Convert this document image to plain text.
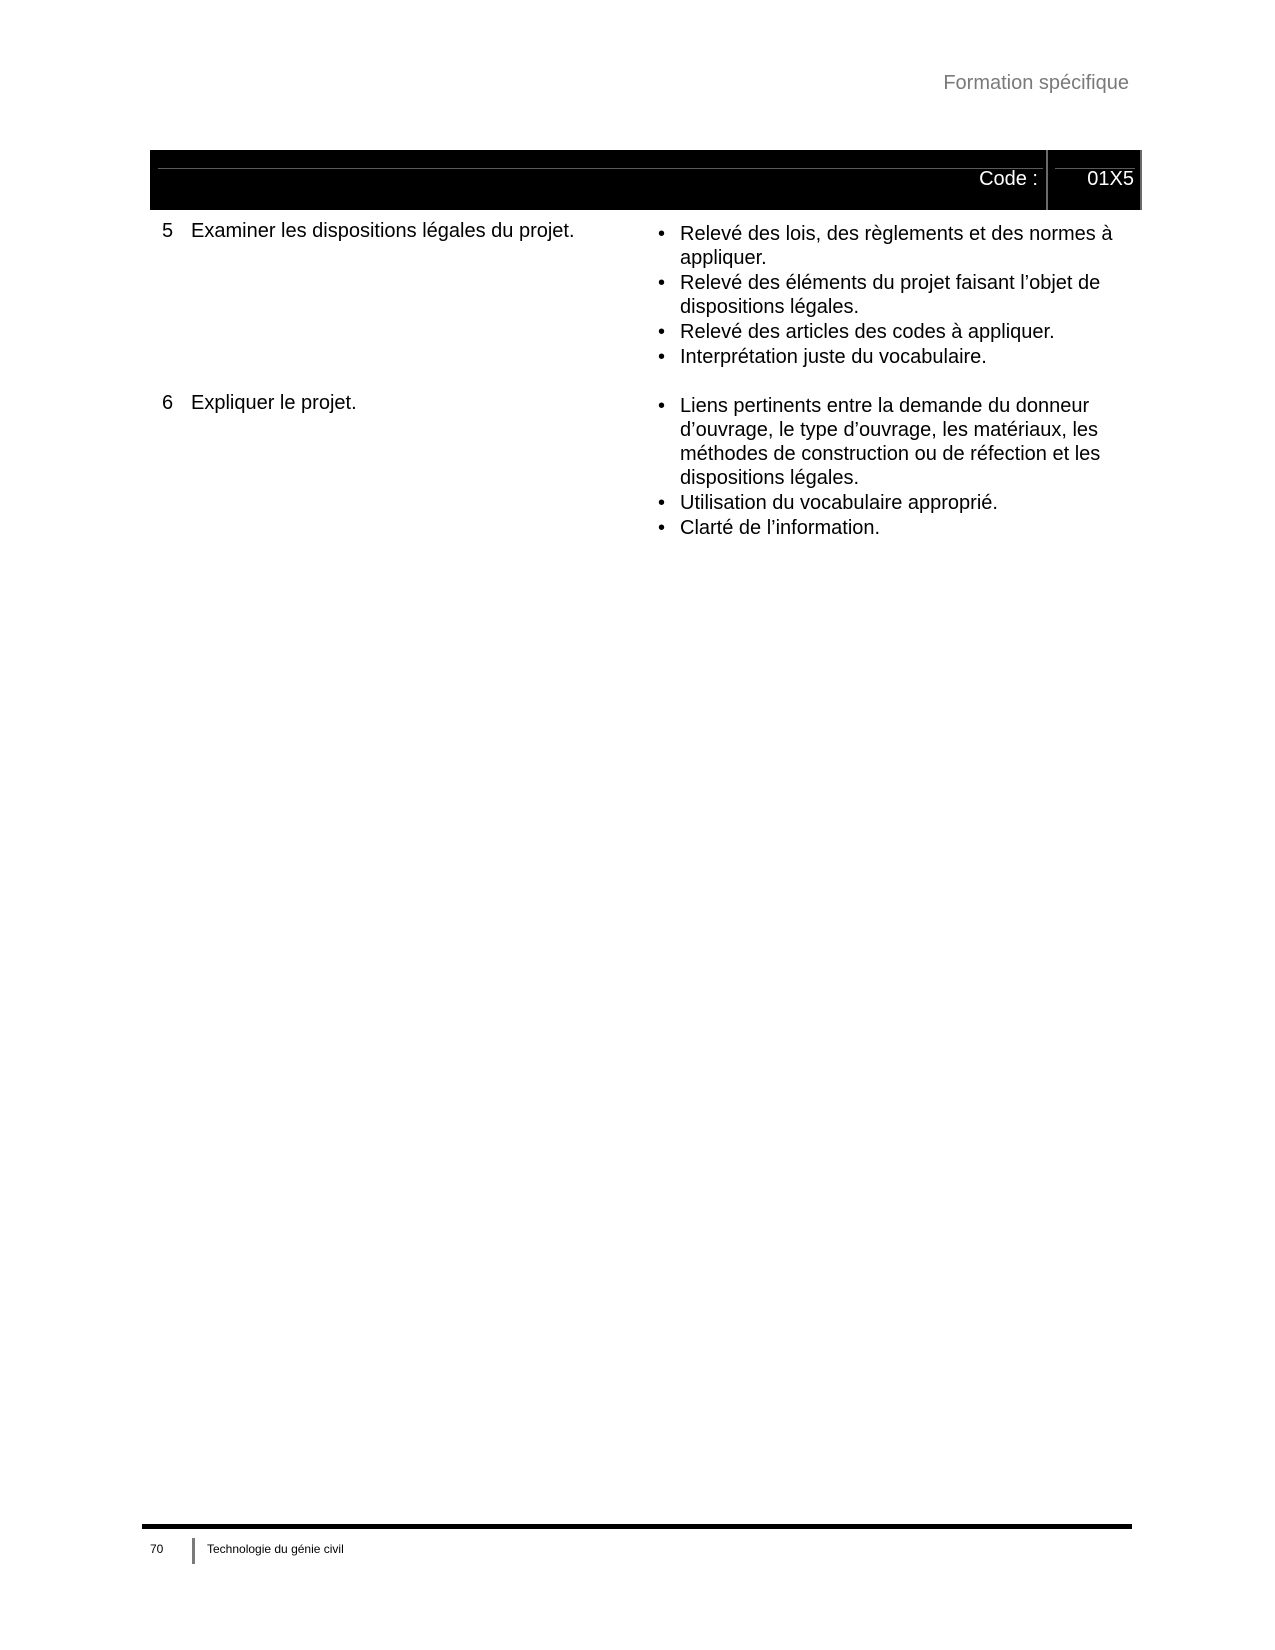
Formation spécifique
Code : 01X5
5 Examiner les dispositions légales du projet.	• Relevé des lois, des règlements et des normes à appliquer.
• Relevé des éléments du projet faisant l’objet de dispositions légales.
• Relevé des articles des codes à appliquer.
• Interprétation juste du vocabulaire.
6 Expliquer le projet.	• Liens pertinents entre la demande du donneur d’ouvrage, le type d’ouvrage, les matériaux, les méthodes de construction ou de réfection et les dispositions légales.
• Utilisation du vocabulaire approprié.
• Clarté de l’information.
70	Technologie du génie civil
